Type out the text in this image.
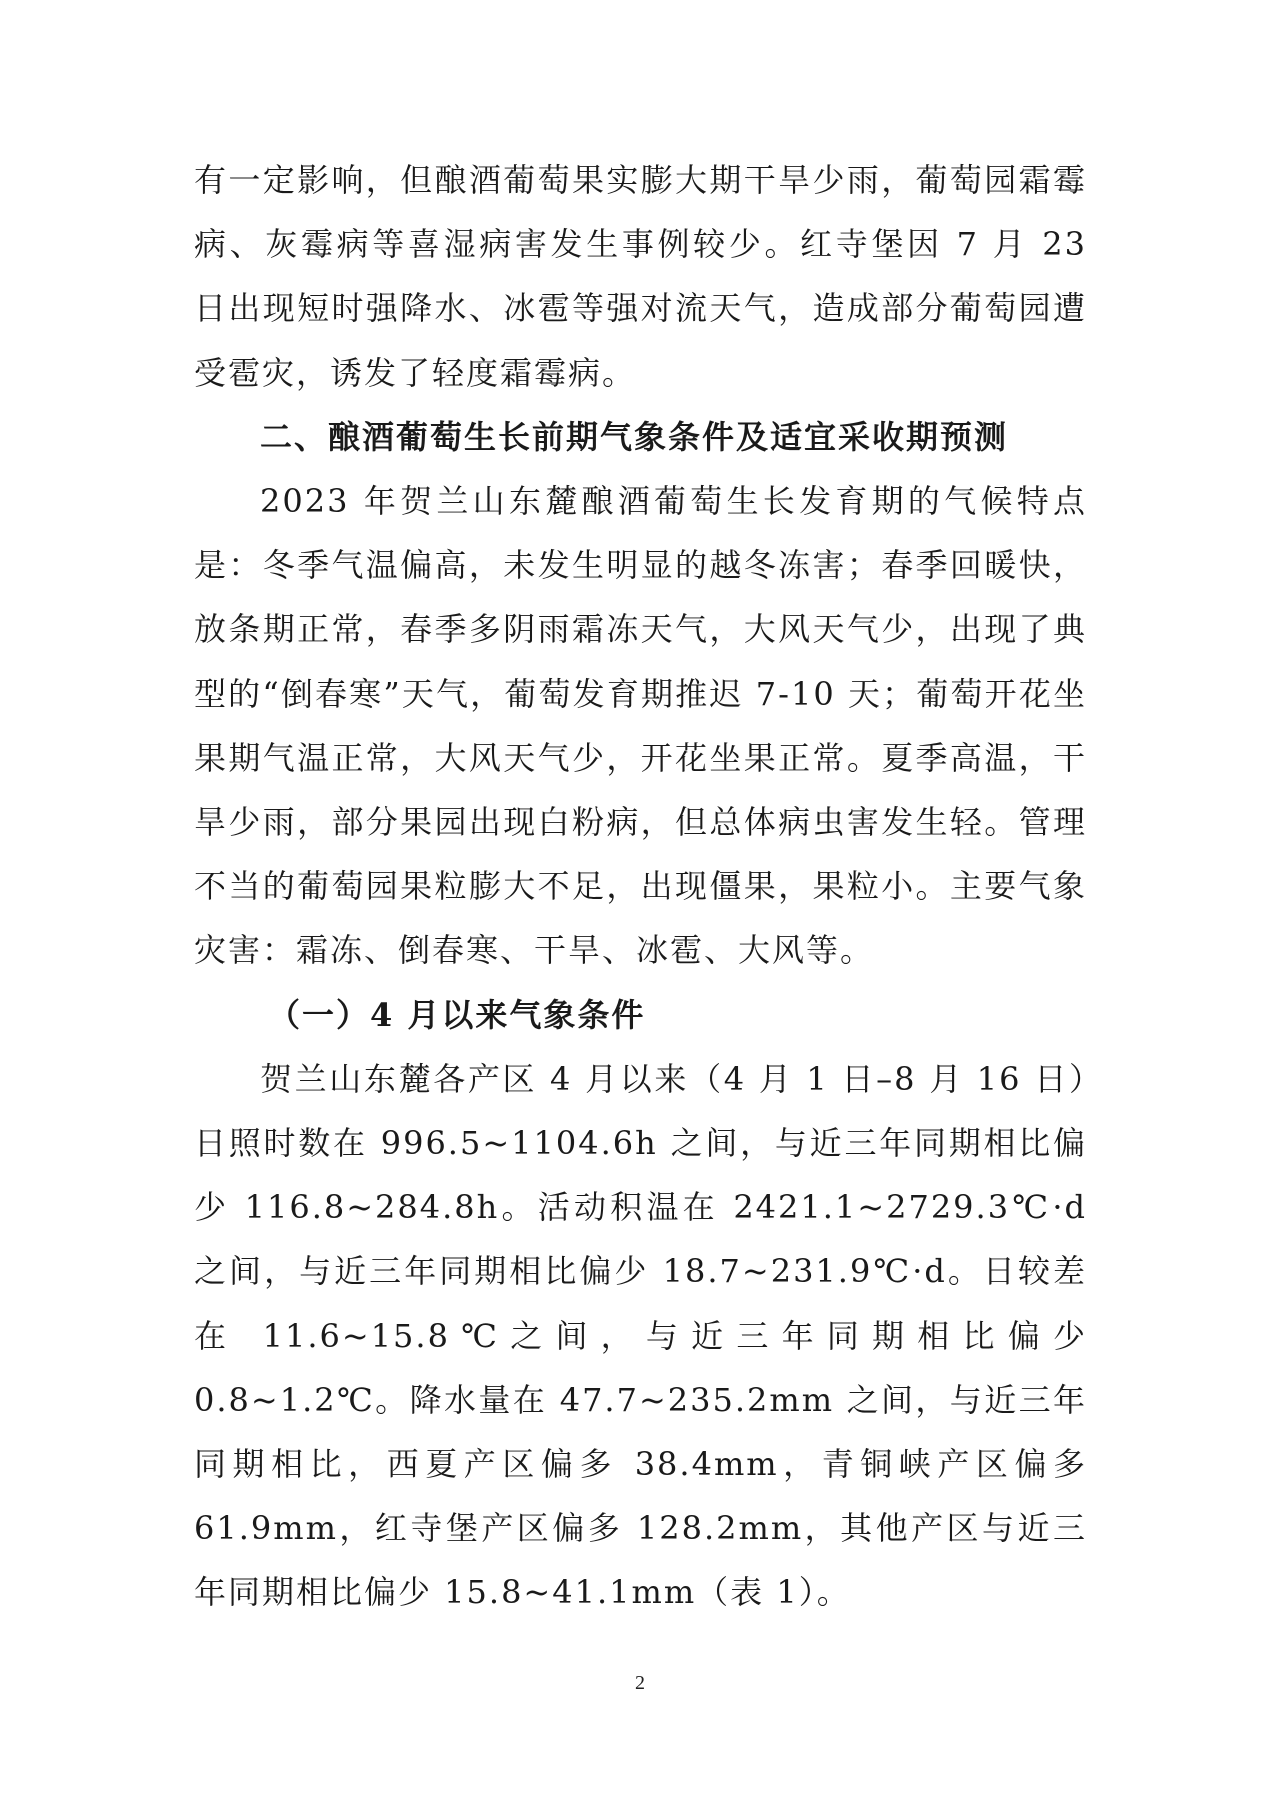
有一定影响，但酿酒葡萄果实膨大期干旱少雨，葡萄园霜霉病、灰霉病等喜湿病害发生事例较少。红寺堡因 7 月 23 日出现短时强降水、冰雹等强对流天气，造成部分葡萄园遭受雹灾，诱发了轻度霜霉病。

二、酿酒葡萄生长前期气象条件及适宜采收期预测

2023 年贺兰山东麓酿酒葡萄生长发育期的气候特点是：冬季气温偏高，未发生明显的越冬冻害；春季回暖快，放条期正常，春季多阴雨霜冻天气，大风天气少，出现了典型的“倒春寒”天气，葡萄发育期推迟 7-10 天；葡萄开花坐果期气温正常，大风天气少，开花坐果正常。夏季高温，干旱少雨，部分果园出现白粉病，但总体病虫害发生轻。管理不当的葡萄园果粒膨大不足，出现僵果，果粒小。主要气象灾害：霜冻、倒春寒、干旱、冰雹、大风等。

（一）4 月以来气象条件

贺兰山东麓各产区 4 月以来（4 月 1 日–8 月 16 日）日照时数在 996.5~1104.6h 之间，与近三年同期相比偏少 116.8~284.8h。活动积温在 2421.1~2729.3℃·d 之间，与近三年同期相比偏少 18.7~231.9℃·d。日较差在 11.6~15.8℃之间，与近三年同期相比偏少 0.8~1.2℃。降水量在 47.7~235.2mm 之间，与近三年同期相比，西夏产区偏多 38.4mm，青铜峡产区偏多 61.9mm，红寺堡产区偏多 128.2mm，其他产区与近三年同期相比偏少 15.8~41.1mm（表 1）。

2
